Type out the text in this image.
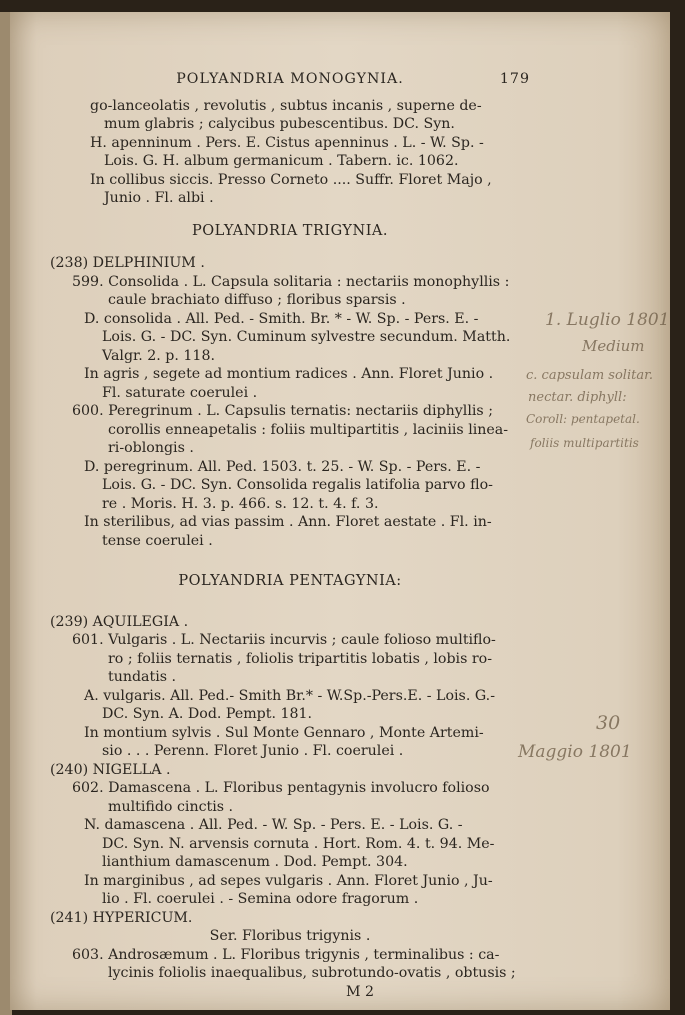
POLYANDRIA MONOGYNIA.	179
go-lanceolatis , revolutis , subtus incanis , superne de-
mum glabris ; calycibus pubescentibus. DC. Syn.
H. apenninum . Pers. E. Cistus apenninus . L. - W. Sp. -
Lois. G. H. album germanicum . Tabern. ic. 1062.
In collibus siccis. Presso Corneto .... Suffr. Floret Majo ,
Junio . Fl. albi .
POLYANDRIA TRIGYNIA.
(238) DELPHINIUM .
599. Consolida . L. Capsula solitaria : nectariis monophyllis :
caule brachiato diffuso ; floribus sparsis .
D. consolida . All. Ped. - Smith. Br. * - W. Sp. - Pers. E. -
Lois. G. - DC. Syn. Cuminum sylvestre secundum. Matth.
Valgr. 2. p. 118.
In agris , segete ad montium radices . Ann. Floret Junio .
Fl. saturate coerulei .
600. Peregrinum . L. Capsulis ternatis: nectariis diphyllis ;
corollis enneapetalis : foliis multipartitis , laciniis linea-
ri-oblongis .
D. peregrinum. All. Ped. 1503. t. 25. - W. Sp. - Pers. E. -
Lois. G. - DC. Syn. Consolida regalis latifolia parvo flo-
re . Moris. H. 3. p. 466. s. 12. t. 4. f. 3.
In sterilibus, ad vias passim . Ann. Floret aestate . Fl. in-
tense coerulei .
POLYANDRIA PENTAGYNIA:
(239) AQUILEGIA .
601. Vulgaris . L. Nectariis incurvis ; caule folioso multiflo-
ro ; foliis ternatis , foliolis tripartitis lobatis , lobis ro-
tundatis .
A. vulgaris. All. Ped.- Smith Br.* - W.Sp.-Pers.E. - Lois. G.-
DC. Syn. A. Dod. Pempt. 181.
In montium sylvis . Sul Monte Gennaro , Monte Artemi-
sio . . . Perenn. Floret Junio . Fl. coerulei .
(240) NIGELLA .
602. Damascena . L. Floribus pentagynis involucro folioso
multifido cinctis .
N. damascena . All. Ped. - W. Sp. - Pers. E. - Lois. G. -
DC. Syn. N. arvensis cornuta . Hort. Rom. 4. t. 94. Me-
lianthium damascenum . Dod. Pempt. 304.
In marginibus , ad sepes vulgaris . Ann. Floret Junio , Ju-
lio . Fl. coerulei . - Semina odore fragorum .
(241) HYPERICUM.
Ser. Floribus trigynis .
603. Androsæmum . L. Floribus trigynis , terminalibus : ca-
lycinis foliolis inaequalibus, subrotundo-ovatis , obtusis ;
M 2
1. Luglio 1801
Medium
c. capsulam solitar.
nectar. diphyll:
Coroll: pentapetal.
foliis multipartitis
30
Maggio 1801
